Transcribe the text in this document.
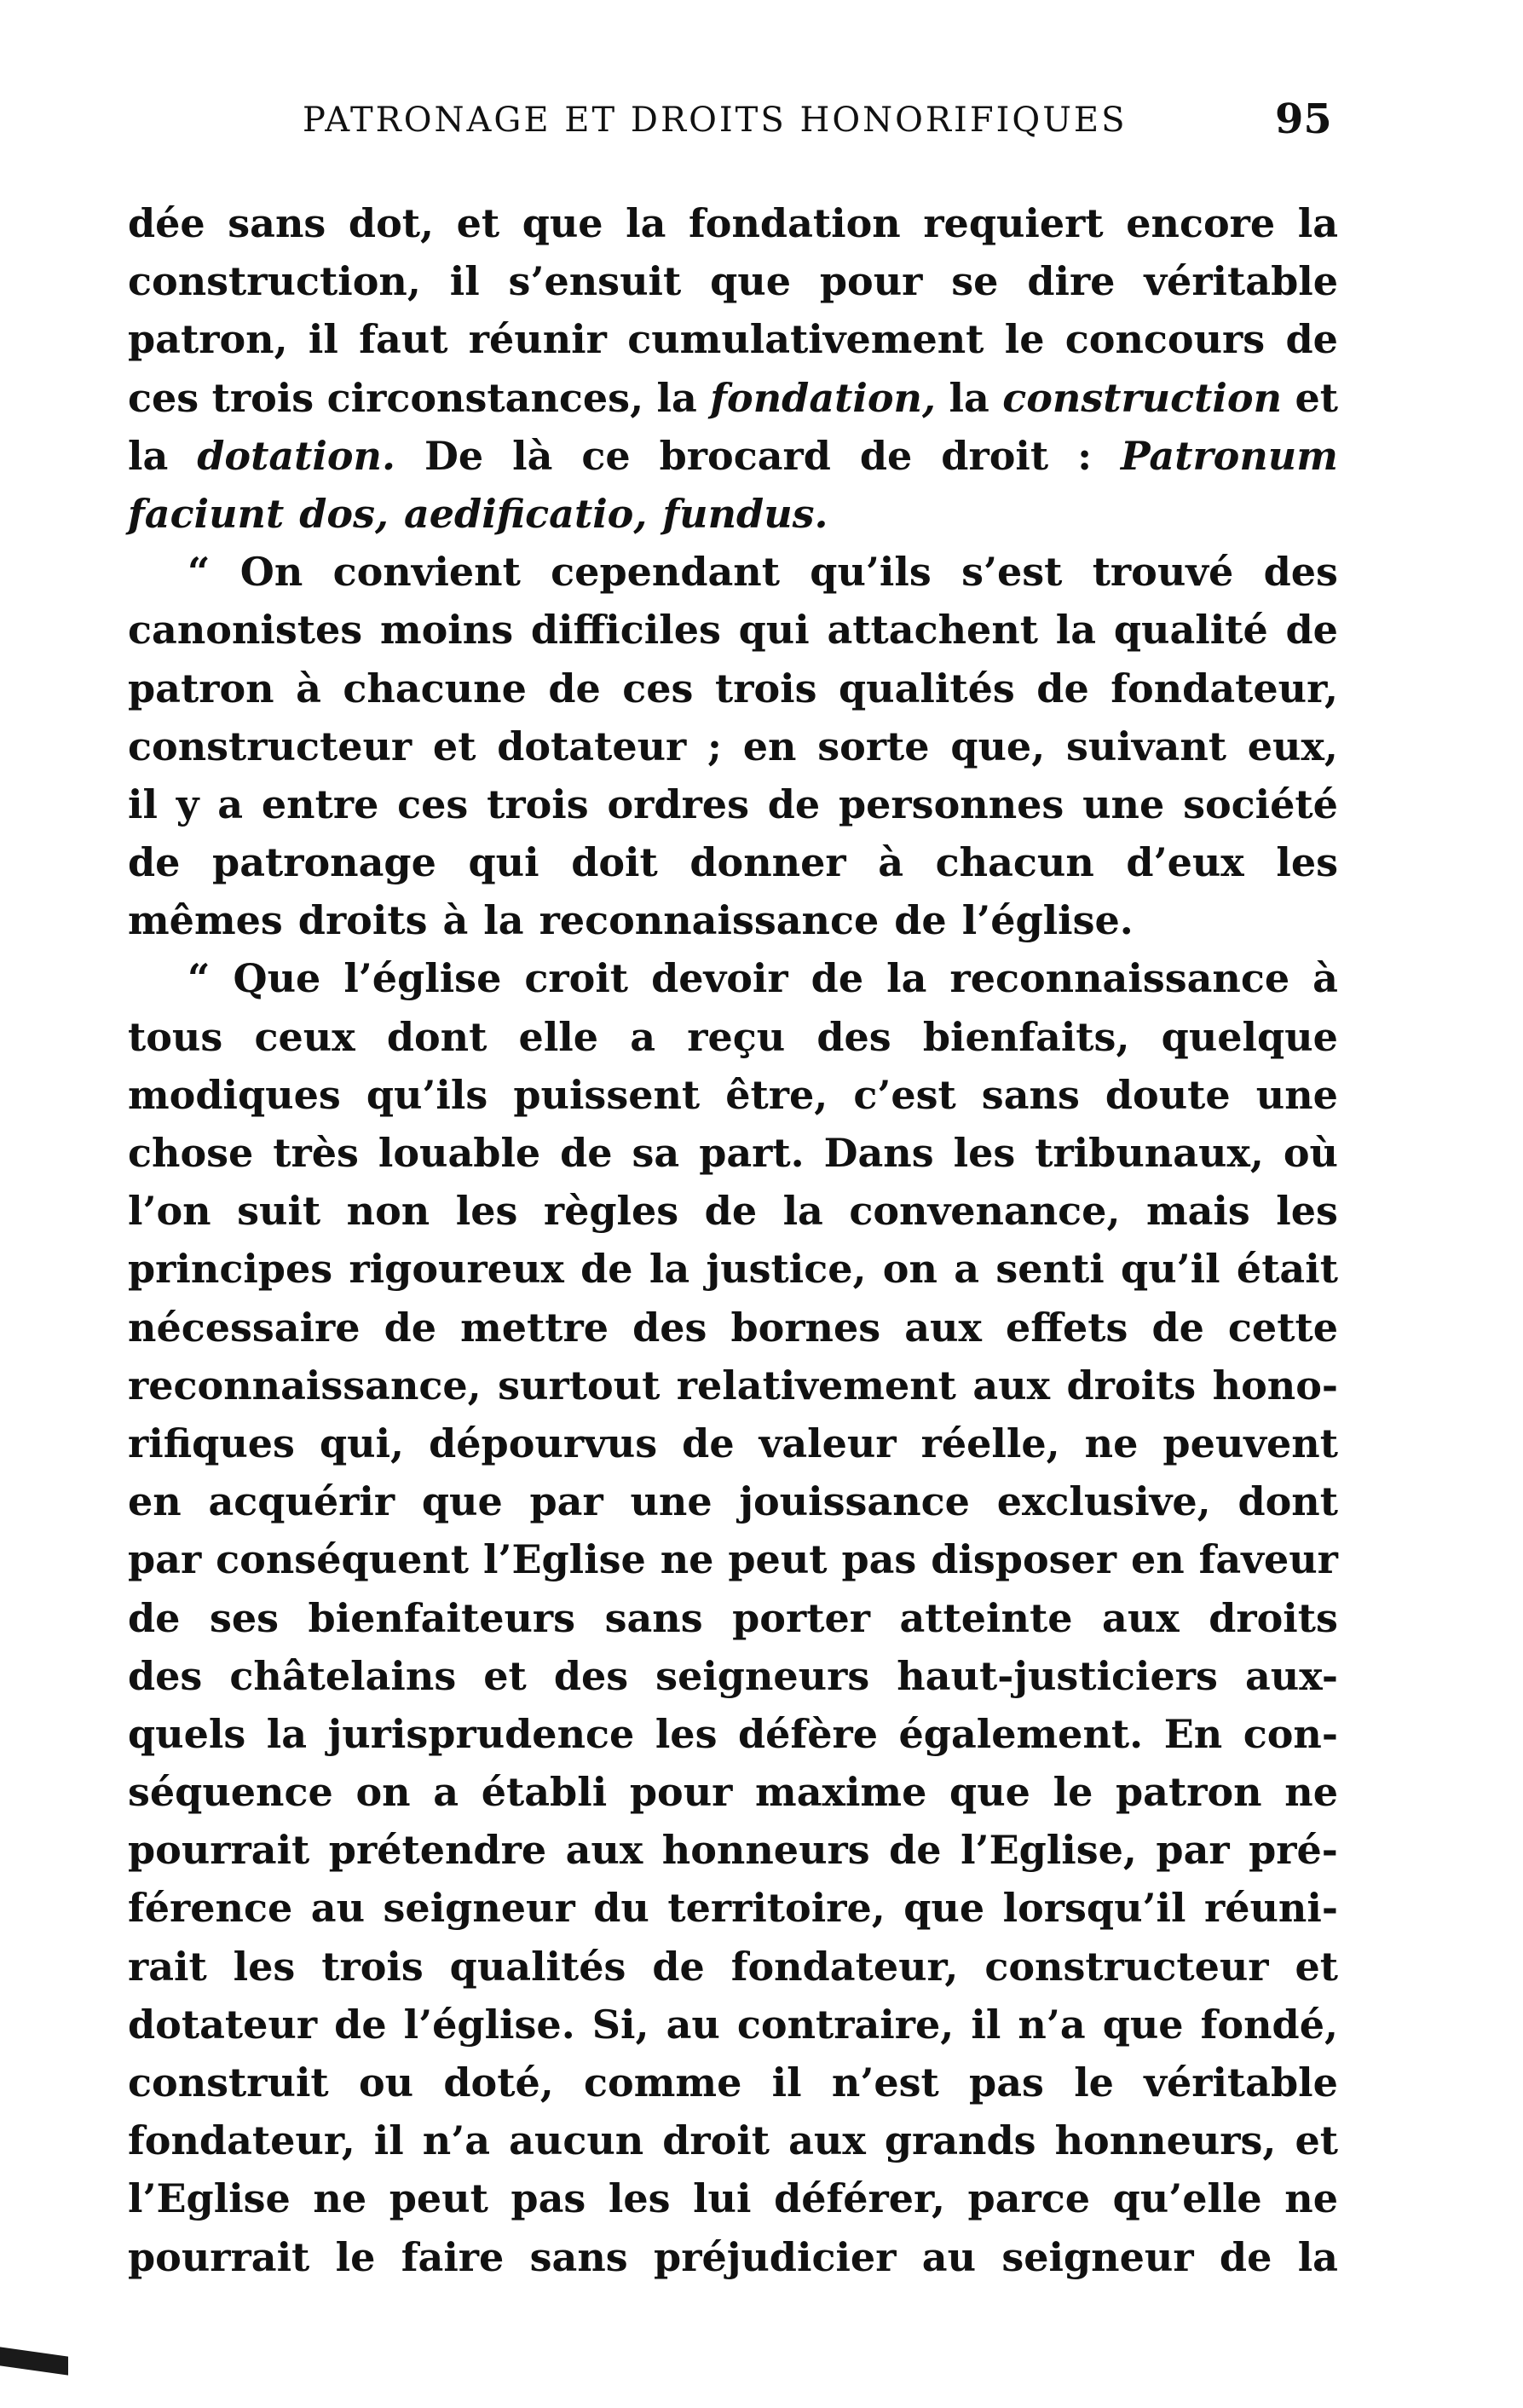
PATRONAGE ET DROITS HONORIFIQUES	95
dée sans dot, et que la fondation requiert encore la
construction, il s’ensuit que pour se dire véritable
patron, il faut réunir cumulativement le concours de
ces trois circonstances, la fondation, la construction et
la dotation. De là ce brocard de droit : Patronum
faciunt dos, aedificatio, fundus.
“ On convient cependant qu’ils s’est trouvé des
canonistes moins difficiles qui attachent la qualité de
patron à chacune de ces trois qualités de fondateur,
constructeur et dotateur ; en sorte que, suivant eux,
il y a entre ces trois ordres de personnes une société
de patronage qui doit donner à chacun d’eux les
mêmes droits à la reconnaissance de l’église.
“ Que l’église croit devoir de la reconnaissance à
tous ceux dont elle a reçu des bienfaits, quelque
modiques qu’ils puissent être, c’est sans doute une
chose très louable de sa part. Dans les tribunaux, où
l’on suit non les règles de la convenance, mais les
principes rigoureux de la justice, on a senti qu’il était
nécessaire de mettre des bornes aux effets de cette
reconnaissance, surtout relativement aux droits hono-
rifiques qui, dépourvus de valeur réelle, ne peuvent
en acquérir que par une jouissance exclusive, dont
par conséquent l’Eglise ne peut pas disposer en faveur
de ses bienfaiteurs sans porter atteinte aux droits
des châtelains et des seigneurs haut-justiciers aux-
quels la jurisprudence les défère également. En con-
séquence on a établi pour maxime que le patron ne
pourrait prétendre aux honneurs de l’Eglise, par pré-
férence au seigneur du territoire, que lorsqu’il réuni-
rait les trois qualités de fondateur, constructeur et
dotateur de l’église. Si, au contraire, il n’a que fondé,
construit ou doté, comme il n’est pas le véritable
fondateur, il n’a aucun droit aux grands honneurs, et
l’Eglise ne peut pas les lui déférer, parce qu’elle ne
pourrait le faire sans préjudicier au seigneur de la
